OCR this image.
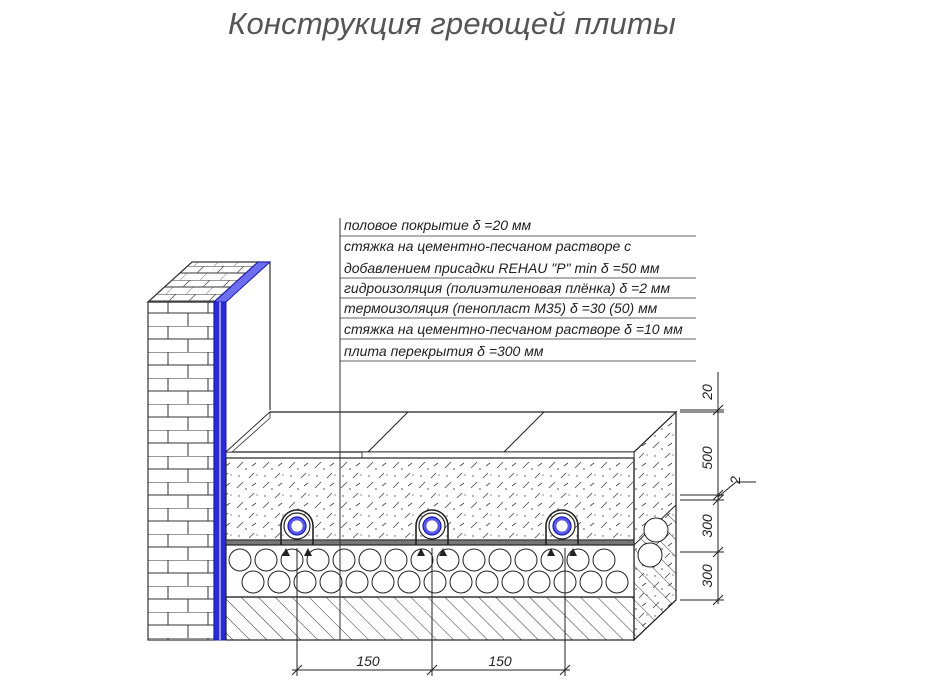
Конструкция греющей плиты
половое покрытие δ =20 мм
стяжка на цементно-песчаном растворе с
добавлением присадки REHAU "P" min δ =50 мм
гидроизоляция (полиэтиленовая плёнка) δ =2 мм
термоизоляция (пенопласт М35) δ =30 (50) мм
стяжка на цементно-песчаном растворе δ =10 мм
плита перекрытия δ =300 мм
20
500
2
300
300
150	150
